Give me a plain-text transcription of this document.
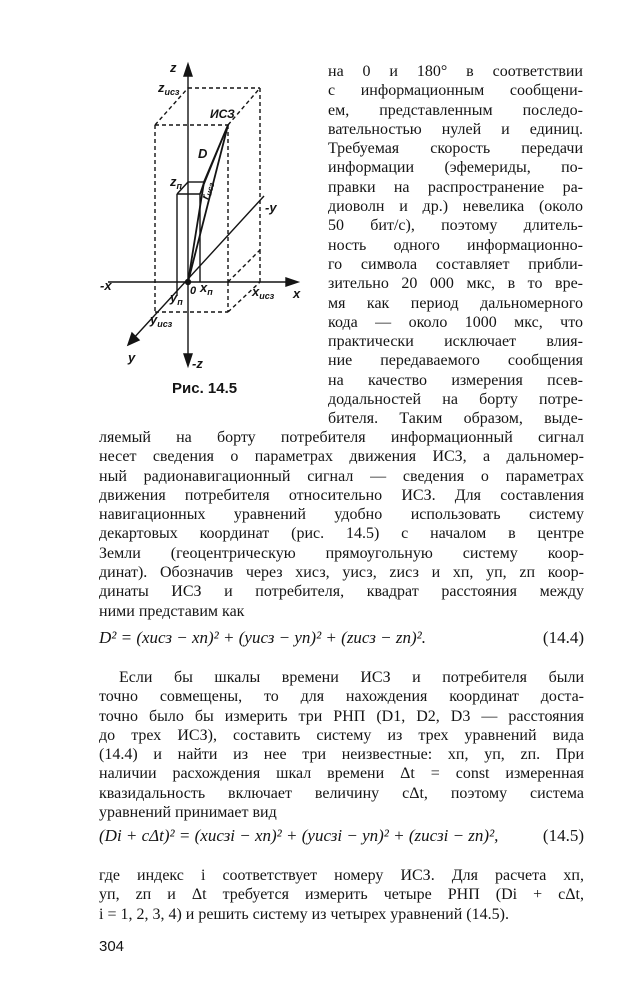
z
$z_{исз}$
ИСЗ
D
$z_п$
rисз
-y
-x	0 $x_п$	$x_{исз}$ x
$y_п$
$y_{исз}$
y	-z
Рис. 14.5
на 0 и 180° в соответствии
с информационным сообщени-
ем, представленным последо-
вательностью нулей и единиц.
Требуемая скорость передачи
информации (эфемериды, по-
правки на распространение ра-
диоволн и др.) невелика (около
50 бит/с), поэтому длитель-
ность одного информационно-
го символа составляет прибли-
зительно 20 000 мкс, в то вре-
мя как период дальномерного
кода — около 1000 мкс, что
практически исключает влия-
ние передаваемого сообщения
на качество измерения псев-
додальностей на борту потре-
бителя. Таким образом, выде-
ляемый на борту потребителя информационный сигнал
несет сведения о параметрах движения ИСЗ, а дальномер-
ный радионавигационный сигнал — сведения о параметрах
движения потребителя относительно ИСЗ. Для составления
навигационных уравнений удобно использовать систему
декартовых координат (рис. 14.5) с началом в центре
Земли (геоцентрическую прямоугольную систему коор-
динат). Обозначив через xисз, yисз, zисз и xп, yп, zп коор-
динаты ИСЗ и потребителя, квадрат расстояния между
ними представим как
D² = (xисз − xп)² + (yисз − yп)² + (zисз − zп)².	(14.4)
Если бы шкалы времени ИСЗ и потребителя были
точно совмещены, то для нахождения координат доста-
точно было бы измерить три РНП (D1, D2, D3 — расстояния
до трех ИСЗ), составить систему из трех уравнений вида
(14.4) и найти из нее три неизвестные: xп, yп, zп. При
наличии расхождения шкал времени Δt = const измеренная
квазидальность включает величину cΔt, поэтому система
уравнений принимает вид
(Di + cΔt)² = (xисзi − xп)² + (yисзi − yп)² + (zисзi − zп)²,	(14.5)
где индекс i соответствует номеру ИСЗ. Для расчета xп,
yп, zп и Δt требуется измерить четыре РНП (Di + cΔt,
i = 1, 2, 3, 4) и решить систему из четырех уравнений (14.5).
304
